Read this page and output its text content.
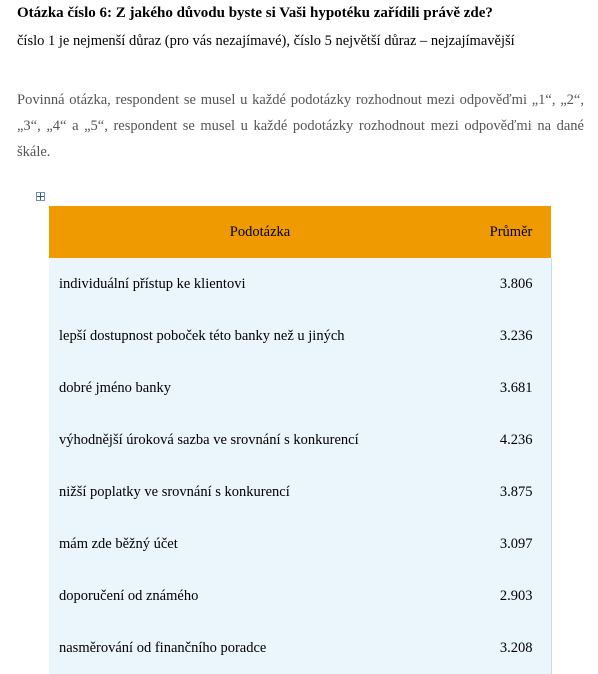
Otázka číslo 6: Z jakého důvodu byste si Vaši hypotéku zařídili právě zde?
číslo 1 je nejmenší důraz (pro vás nezajímavé), číslo 5 největší důraz – nejzajímavější
Povinná otázka, respondent se musel u každé podotázky rozhodnout mezi odpověďmi „1“, „2“, „3“, „4“ a „5“, respondent se musel u každé podotázky rozhodnout mezi odpověďmi na dané škále.
Podotázka	Průměr
individuální přístup ke klientovi	3.806
lepší dostupnost poboček této banky než u jiných	3.236
dobré jméno banky	3.681
výhodnější úroková sazba ve srovnání s konkurencí	4.236
nižší poplatky ve srovnání s konkurencí	3.875
mám zde běžný účet	3.097
doporučení od známého	2.903
nasměrování od finančního poradce	3.208
